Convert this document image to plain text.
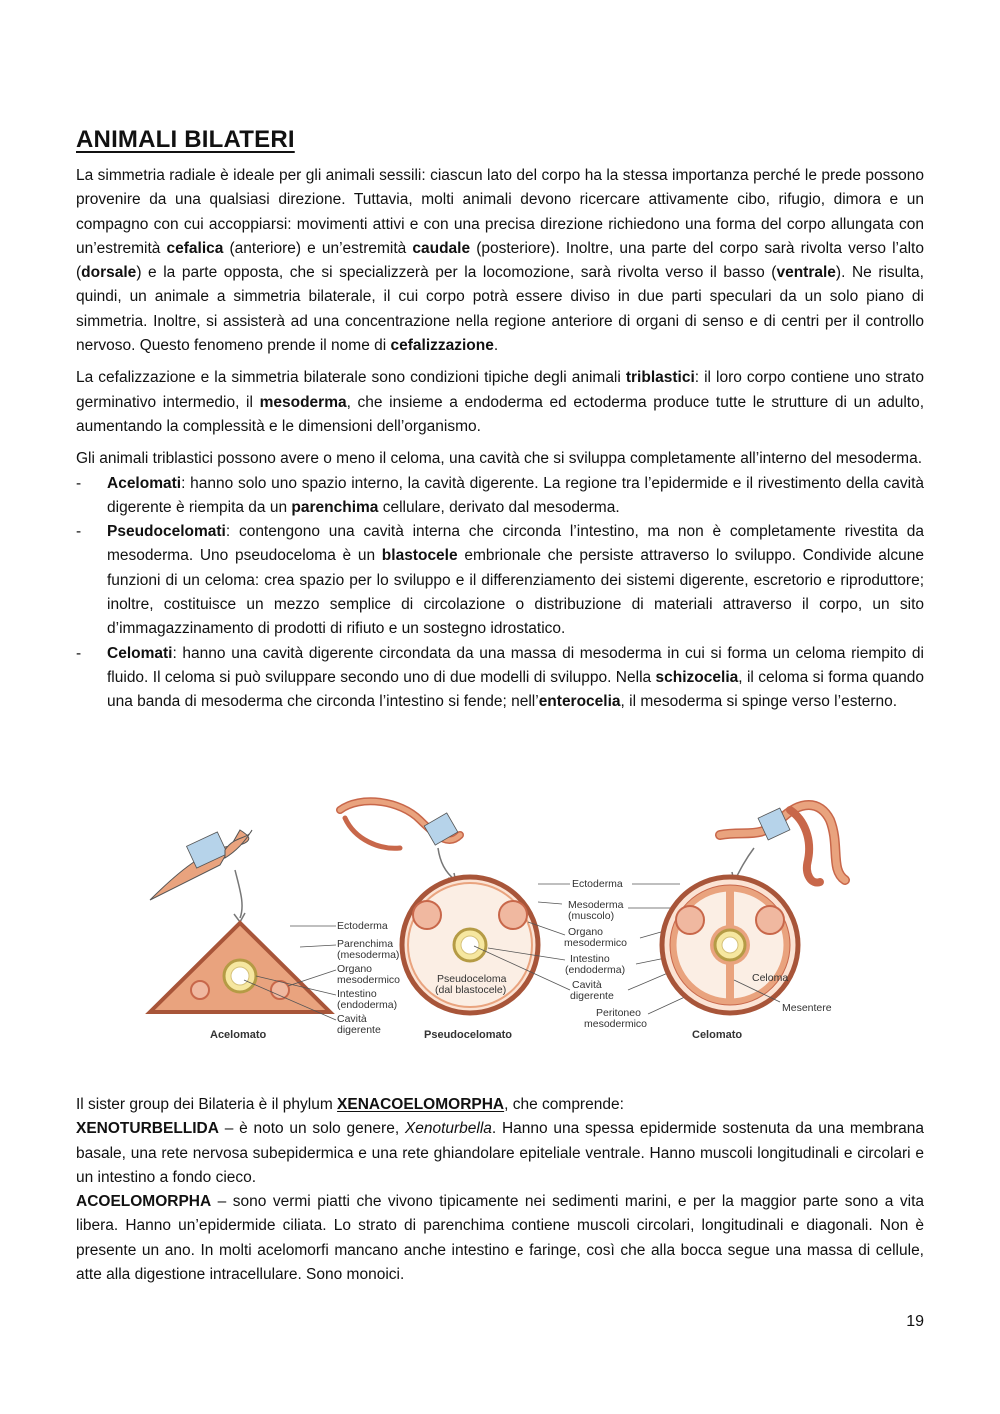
ANIMALI BILATERI

La simmetria radiale è ideale per gli animali sessili: ciascun lato del corpo ha la stessa importanza perché le prede possono provenire da una qualsiasi direzione. Tuttavia, molti animali devono ricercare attivamente cibo, rifugio, dimora e un compagno con cui accoppiarsi: movimenti attivi e con una precisa direzione richiedono una forma del corpo allungata con un’estremità cefalica (anteriore) e un’estremità caudale (posteriore). Inoltre, una parte del corpo sarà rivolta verso l’alto (dorsale) e la parte opposta, che si specializzerà per la locomozione, sarà rivolta verso il basso (ventrale). Ne risulta, quindi, un animale a simmetria bilaterale, il cui corpo potrà essere diviso in due parti speculari da un solo piano di simmetria. Inoltre, si assisterà ad una concentrazione nella regione anteriore di organi di senso e di centri per il controllo nervoso. Questo fenomeno prende il nome di cefalizzazione.

La cefalizzazione e la simmetria bilaterale sono condizioni tipiche degli animali triblastici: il loro corpo contiene uno strato germinativo intermedio, il mesoderma, che insieme a endoderma ed ectoderma produce tutte le strutture di un adulto, aumentando la complessità e le dimensioni dell’organismo.

Gli animali triblastici possono avere o meno il celoma, una cavità che si sviluppa completamente all’interno del mesoderma.

- Acelomati: hanno solo uno spazio interno, la cavità digerente. La regione tra l’epidermide e il rivestimento della cavità digerente è riempita da un parenchima cellulare, derivato dal mesoderma.
- Pseudocelomati: contengono una cavità interna che circonda l’intestino, ma non è completamente rivestita da mesoderma. Uno pseudoceloma è un blastocele embrionale che persiste attraverso lo sviluppo. Condivide alcune funzioni di un celoma: crea spazio per lo sviluppo e il differenziamento dei sistemi digerente, escretorio e riproduttore; inoltre, costituisce un mezzo semplice di circolazione o distribuzione di materiali attraverso il corpo, un sito d’immagazzinamento di prodotti di rifiuto e un sostegno idrostatico.
- Celomati: hanno una cavità digerente circondata da una massa di mesoderma in cui si forma un celoma riempito di fluido. Il celoma si può sviluppare secondo uno di due modelli di sviluppo. Nella schizocelia, il celoma si forma quando una banda di mesoderma che circonda l’intestino si fende; nell’enterocelia, il mesoderma si spinge verso l’esterno.
Acelomato
Ectoderma
Parenchima
(mesoderma)
Organo
mesodermico
Intestino
(endoderma)
Cavità
digerente
Pseudoceloma
(dal blastocele)
Pseudocelomato
Ectoderma
Mesoderma
(muscolo)
Organo
mesodermico
Intestino
(endoderma)
Cavità
digerente
Peritoneo
mesodermico
Celoma
Mesentere
Celomato

Il sister group dei Bilateria è il phylum XENACOELOMORPHA, che comprende:

XENOTURBELLIDA – è noto un solo genere, Xenoturbella. Hanno una spessa epidermide sostenuta da una membrana basale, una rete nervosa subepidermica e una rete ghiandolare epiteliale ventrale. Hanno muscoli longitudinali e circolari e un intestino a fondo cieco.

ACOELOMORPHA – sono vermi piatti che vivono tipicamente nei sedimenti marini, e per la maggior parte sono a vita libera. Hanno un’epidermide ciliata. Lo strato di parenchima contiene muscoli circolari, longitudinali e diagonali. Non è presente un ano. In molti acelomorfi mancano anche intestino e faringe, così che alla bocca segue una massa di cellule, atte alla digestione intracellulare. Sono monoici.

19
